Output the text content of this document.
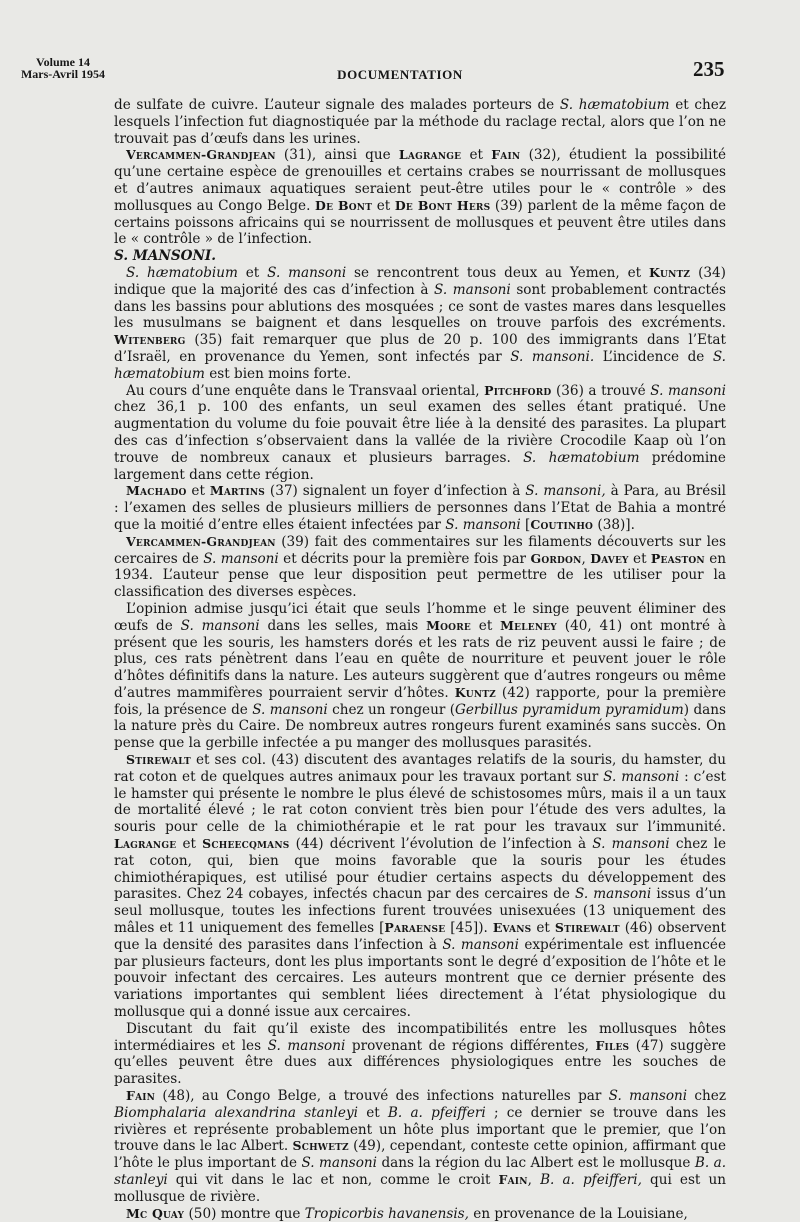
Volume 14
Mars-Avril 1954	DOCUMENTATION	235

de sulfate de cuivre. L’auteur signale des malades porteurs de S. hæmatobium et chez lesquels l’infection fut diagnostiquée par la méthode du raclage rectal, alors que l’on ne trouvait pas d’œufs dans les urines.

Vercammen-Grandjean (31), ainsi que Lagrange et Fain (32), étudient la possibilité qu’une certaine espèce de grenouilles et certains crabes se nourrissant de mollusques et d’autres animaux aquatiques seraient peut-être utiles pour le « contrôle » des mollusques au Congo Belge. De Bont et De Bont Hers (39) parlent de la même façon de certains poissons africains qui se nourrissent de mollusques et peuvent être utiles dans le « contrôle » de l’infection.

S. MANSONI.

S. hæmatobium et S. mansoni se rencontrent tous deux au Yemen, et Kuntz (34) indique que la majorité des cas d’infection à S. mansoni sont probablement contractés dans les bassins pour ablutions des mosquées ; ce sont de vastes mares dans lesquelles les musulmans se baignent et dans lesquelles on trouve parfois des excréments. Witenberg (35) fait remarquer que plus de 20 p. 100 des immigrants dans l’Etat d’Israël, en provenance du Yemen, sont infectés par S. mansoni. L’incidence de S. hæmatobium est bien moins forte.

Au cours d’une enquête dans le Transvaal oriental, Pitchford (36) a trouvé S. mansoni chez 36,1 p. 100 des enfants, un seul examen des selles étant pratiqué. Une augmentation du volume du foie pouvait être liée à la densité des parasites. La plupart des cas d’infection s’observaient dans la vallée de la rivière Crocodile Kaap où l’on trouve de nombreux canaux et plusieurs barrages. S. hæmatobium prédomine largement dans cette région.

Machado et Martins (37) signalent un foyer d’infection à S. mansoni, à Para, au Brésil : l’examen des selles de plusieurs milliers de personnes dans l’Etat de Bahia a montré que la moitié d’entre elles étaient infectées par S. mansoni [Coutinho (38)].

Vercammen-Grandjean (39) fait des commentaires sur les filaments découverts sur les cercaires de S. mansoni et décrits pour la première fois par Gordon, Davey et Peaston en 1934. L’auteur pense que leur disposition peut permettre de les utiliser pour la classification des diverses espèces.

L’opinion admise jusqu’ici était que seuls l’homme et le singe peuvent éliminer des œufs de S. mansoni dans les selles, mais Moore et Meleney (40, 41) ont montré à présent que les souris, les hamsters dorés et les rats de riz peuvent aussi le faire ; de plus, ces rats pénètrent dans l’eau en quête de nourriture et peuvent jouer le rôle d’hôtes définitifs dans la nature. Les auteurs suggèrent que d’autres rongeurs ou même d’autres mammifères pourraient servir d’hôtes. Kuntz (42) rapporte, pour la première fois, la présence de S. mansoni chez un rongeur (Gerbillus pyramidum pyramidum) dans la nature près du Caire. De nombreux autres rongeurs furent examinés sans succès. On pense que la gerbille infectée a pu manger des mollusques parasités.

Stirewalt et ses col. (43) discutent des avantages relatifs de la souris, du hamster, du rat coton et de quelques autres animaux pour les travaux portant sur S. mansoni : c’est le hamster qui présente le nombre le plus élevé de schistosomes mûrs, mais il a un taux de mortalité élevé ; le rat coton convient très bien pour l’étude des vers adultes, la souris pour celle de la chimiothérapie et le rat pour les travaux sur l’immunité. Lagrange et Scheecqmans (44) décrivent l’évolution de l’infection à S. mansoni chez le rat coton, qui, bien que moins favorable que la souris pour les études chimiothérapiques, est utilisé pour étudier certains aspects du développement des parasites. Chez 24 cobayes, infectés chacun par des cercaires de S. mansoni issus d’un seul mollusque, toutes les infections furent trouvées unisexuées (13 uniquement des mâles et 11 uniquement des femelles [Paraense [45]). Evans et Stirewalt (46) observent que la densité des parasites dans l’infection à S. mansoni expérimentale est influencée par plusieurs facteurs, dont les plus importants sont le degré d’exposition de l’hôte et le pouvoir infectant des cercaires. Les auteurs montrent que ce dernier présente des variations importantes qui semblent liées directement à l’état physiologique du mollusque qui a donné issue aux cercaires.

Discutant du fait qu’il existe des incompatibilités entre les mollusques hôtes intermédiaires et les S. mansoni provenant de régions différentes, Files (47) suggère qu’elles peuvent être dues aux différences physiologiques entre les souches de parasites.

Fain (48), au Congo Belge, a trouvé des infections naturelles par S. mansoni chez Biomphalaria alexandrina stanleyi et B. a. pfeifferi ; ce dernier se trouve dans les rivières et représente probablement un hôte plus important que le premier, que l’on trouve dans le lac Albert. Schwetz (49), cependant, conteste cette opinion, affirmant que l’hôte le plus important de S. mansoni dans la région du lac Albert est le mollusque B. a. stanleyi qui vit dans le lac et non, comme le croit Fain, B. a. pfeifferi, qui est un mollusque de rivière.

Mc Quay (50) montre que Tropicorbis havanensis, en provenance de la Louisiane,
